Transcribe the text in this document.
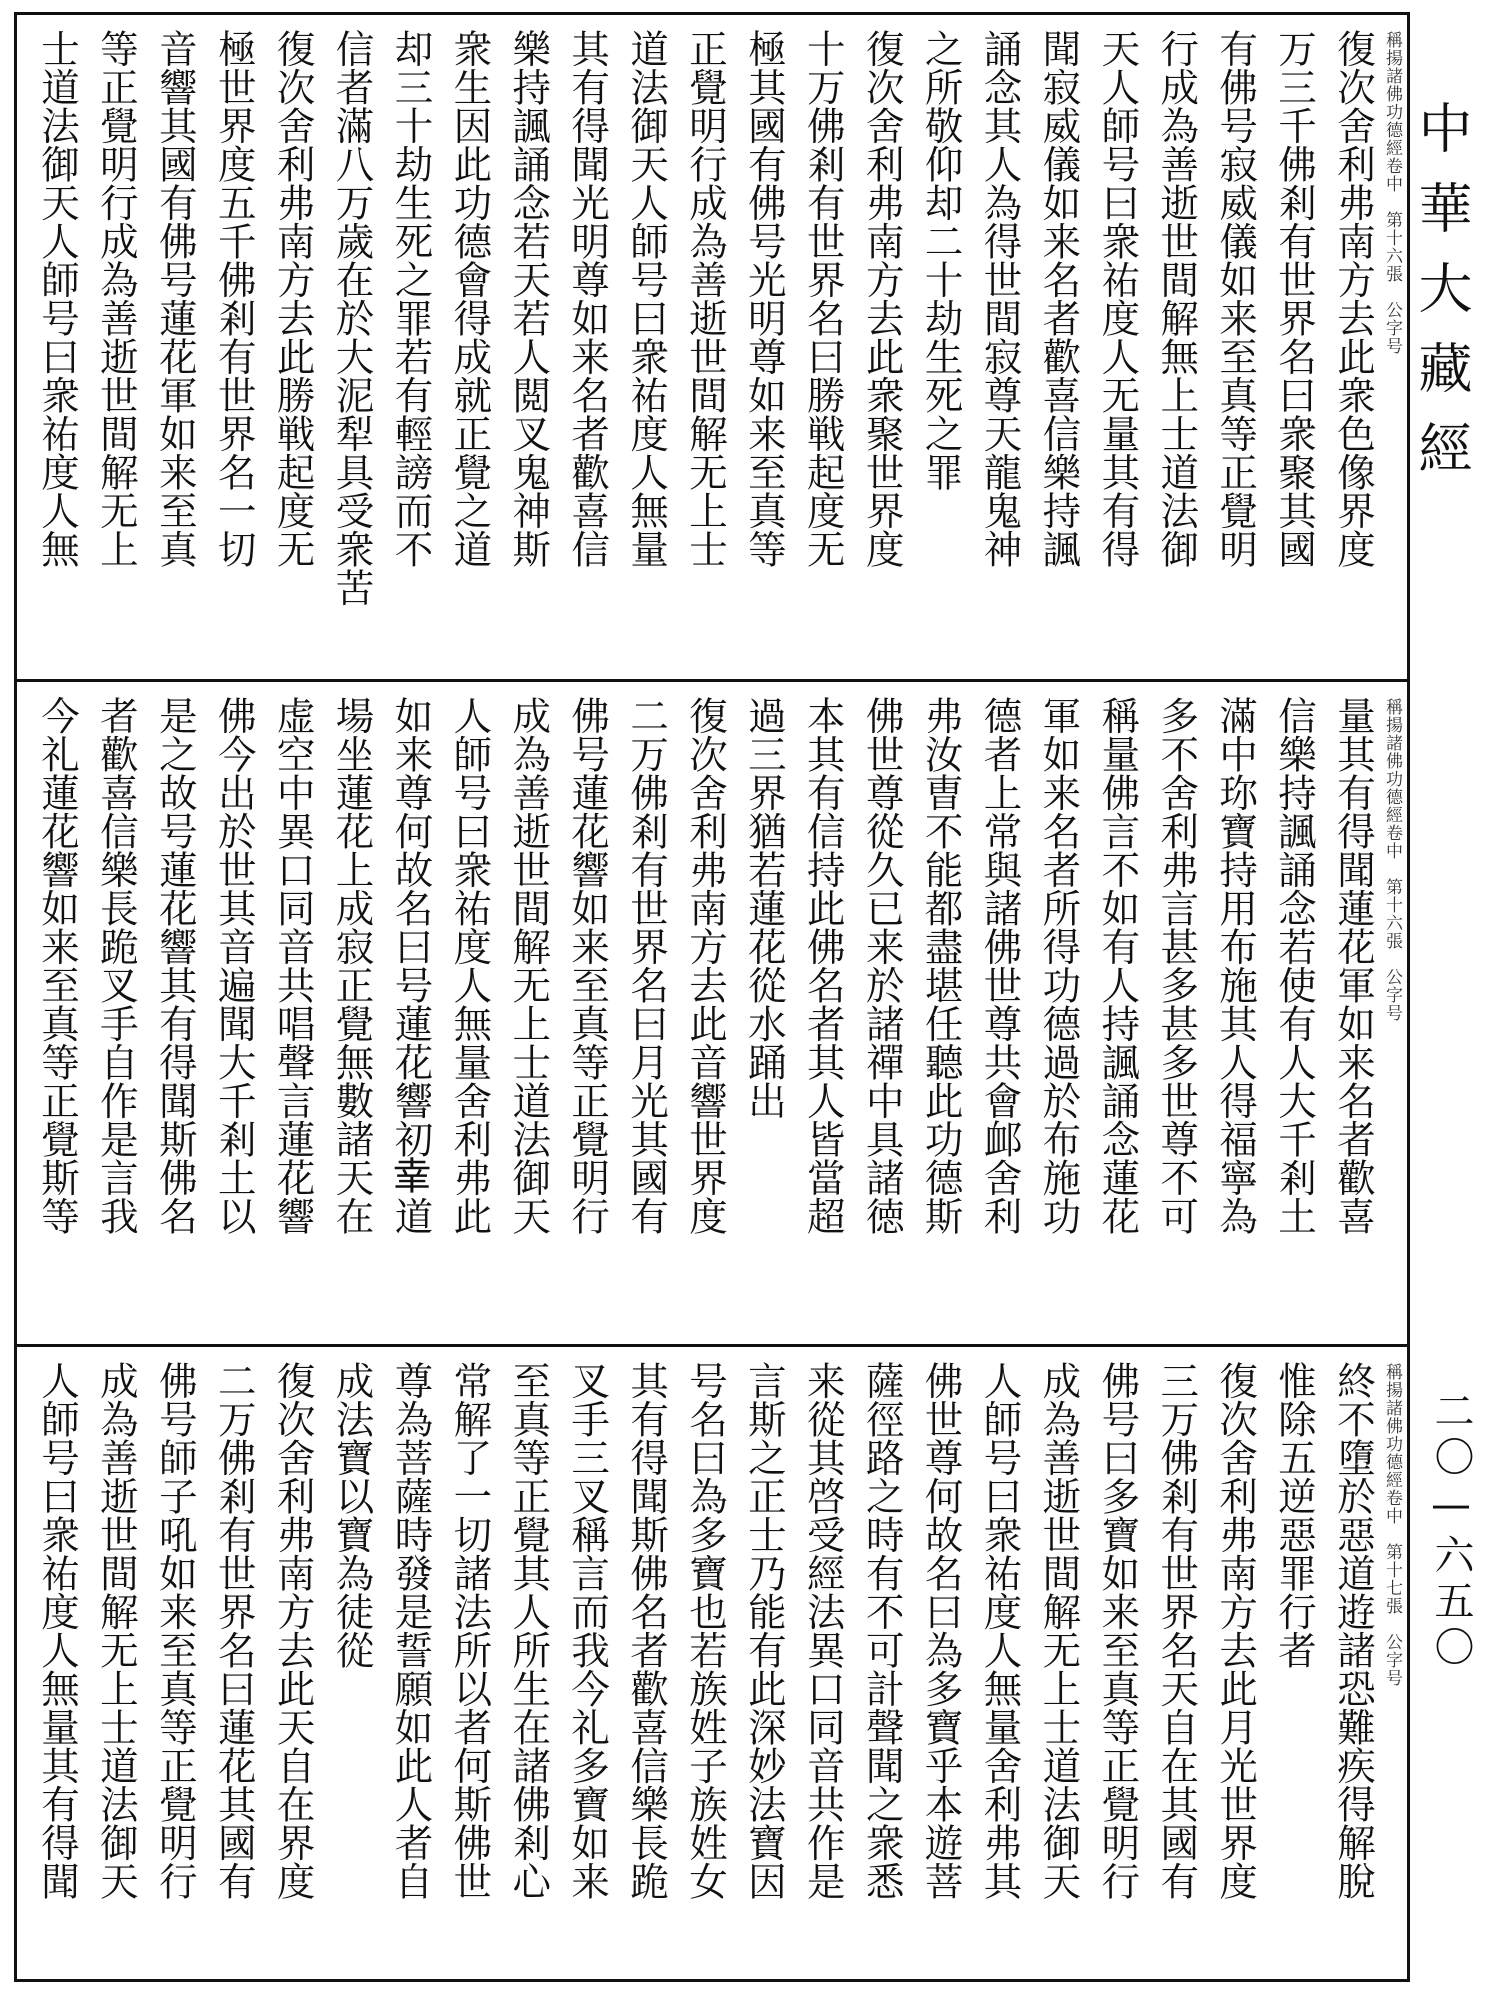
稱揚諸佛功德經卷中　第十六張　公字号
復次舍利弗南方去此衆色像界度
万三千佛剎有世界名曰衆聚其國
有佛号寂威儀如来至真等正覺明
行成為善逝世間解無上士道法御
天人師号曰衆祐度人无量其有得
聞寂威儀如来名者歡喜信樂持諷
誦念其人為得世間寂尊天龍鬼神
之所敬仰却二十劫生死之罪
復次舍利弗南方去此衆聚世界度
十万佛剎有世界名曰勝戦起度无
極其國有佛号光明尊如来至真等
正覺明行成為善逝世間解无上士
道法御天人師号曰衆祐度人無量
其有得聞光明尊如来名者歡喜信
樂持諷誦念若天若人閲叉鬼神斯
衆生因此功德會得成就正覺之道
却三十劫生死之罪若有輕謗而不
信者滿八万歲在於大泥犁具受衆苦
復次舍利弗南方去此勝戦起度无
極世界度五千佛剎有世界名一切
音響其國有佛号蓮花軍如来至真
等正覺明行成為善逝世間解无上
士道法御天人師号曰衆祐度人無
稱揚諸佛功德經卷中　第十六張　公字号
量其有得聞蓮花軍如来名者歡喜
信樂持諷誦念若使有人大千剎土
滿中珎寶持用布施其人得福寧為
多不舍利弗言甚多甚多世尊不可
稱量佛言不如有人持諷誦念蓮花
軍如来名者所得功德過於布施功
德者上常與諸佛世尊共會䘏舍利
弗汝曺不能都盡堪任聽此功德斯
佛世尊從久已来於諸禪中具諸徳
本其有信持此佛名者其人皆當超
過三界猶若蓮花從水踊出
復次舍利弗南方去此音響世界度
二万佛剎有世界名曰月光其國有
佛号蓮花響如来至真等正覺明行
成為善逝世間解无上士道法御天
人師号曰衆祐度人無量舍利弗此
如来尊何故名曰号蓮花響初𦍒道
場坐蓮花上成寂正覺無數諸天在
虚空中異口同音共唱聲言蓮花響
佛今出於世其音遍聞大千剎土以
是之故号蓮花響其有得聞斯佛名
者歡喜信樂長跪叉手自作是言我
今礼蓮花響如来至真等正覺斯等
稱揚諸佛功德經卷中　第十七張　公字号
終不墮於惡道逰諸恐難疾得解脫
惟除五逆惡罪行者
復次舍利弗南方去此月光世界度
三万佛剎有世界名天自在其國有
佛号曰多寶如来至真等正覺明行
成為善逝世間解无上士道法御天
人師号曰衆祐度人無量舍利弗其
佛世尊何故名曰為多寶乎本遊菩
薩徑路之時有不可計聲聞之衆悉
来從其啓受經法異口同音共作是
言斯之正士乃能有此深妙法寶因
号名曰為多寶也若族姓子族姓女
其有得聞斯佛名者歡喜信樂長跪
叉手三叉稱言而我今礼多寶如来
至真等正覺其人所生在諸佛剎心
常解了一切諸法所以者何斯佛世
尊為菩薩時發是誓願如此人者自
成法寶以寶為徒從
復次舍利弗南方去此天自在界度
二万佛剎有世界名曰蓮花其國有
佛号師子吼如来至真等正覺明行
成為善逝世間解无上士道法御天
人師号曰衆祐度人無量其有得聞
中華大藏經
二〇—六五〇
